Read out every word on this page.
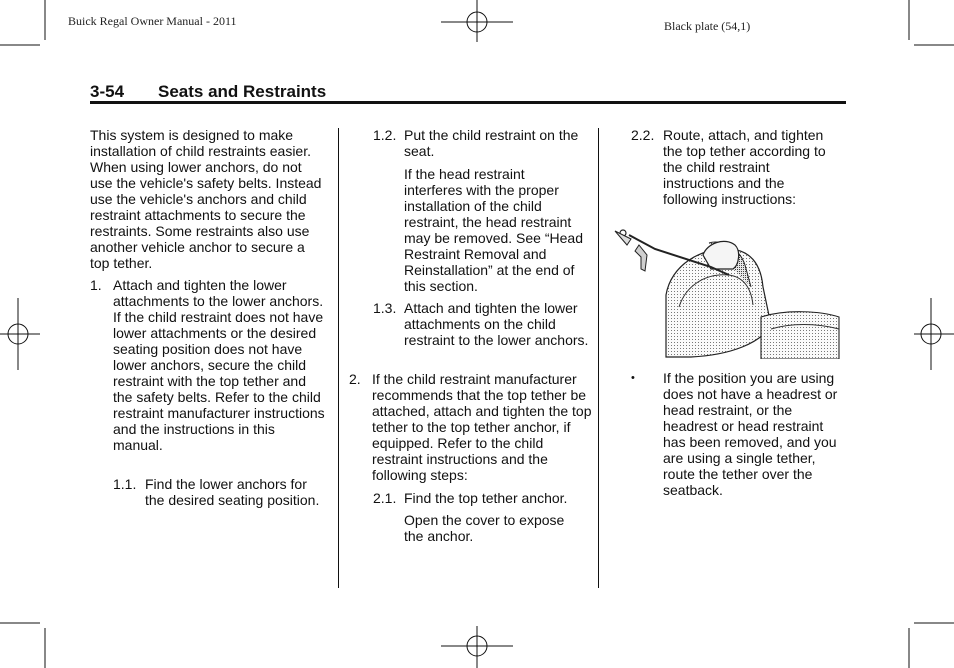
Buick Regal Owner Manual - 2011	Black plate (54,1)
3-54 Seats and Restraints

This system is designed to make installation of child restraints easier. When using lower anchors, do not use the vehicle's safety belts. Instead use the vehicle's anchors and child restraint attachments to secure the restraints. Some restraints also use another vehicle anchor to secure a top tether.

1. Attach and tighten the lower attachments to the lower anchors. If the child restraint does not have lower attachments or the desired seating position does not have lower anchors, secure the child restraint with the top tether and the safety belts. Refer to the child restraint manufacturer instructions and the instructions in this manual.

1.1. Find the lower anchors for the desired seating position.

1.2. Put the child restraint on the seat.

If the head restraint interferes with the proper installation of the child restraint, the head restraint may be removed. See “Head Restraint Removal and Reinstallation” at the end of this section.

1.3. Attach and tighten the lower attachments on the child restraint to the lower anchors.

2. If the child restraint manufacturer recommends that the top tether be attached, attach and tighten the top tether to the top tether anchor, if equipped. Refer to the child restraint instructions and the following steps:

2.1. Find the top tether anchor.

Open the cover to expose the anchor.

2.2. Route, attach, and tighten the top tether according to the child restraint instructions and the following instructions:

• If the position you are using does not have a headrest or head restraint, or the headrest or head restraint has been removed, and you are using a single tether, route the tether over the seatback.
